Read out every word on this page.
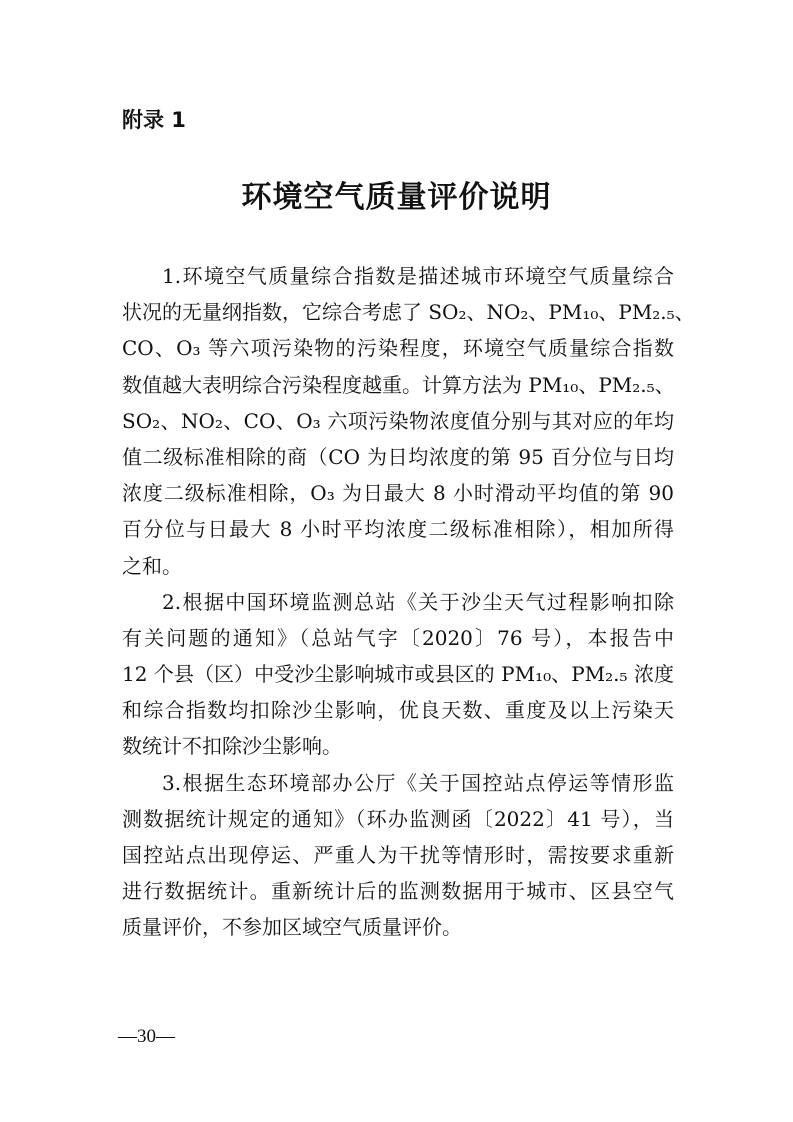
附录 1
环境空气质量评价说明
1.环境空气质量综合指数是描述城市环境空气质量综合
状况的无量纲指数，它综合考虑了 SO₂、NO₂、PM₁₀、PM₂.₅、
CO、O₃ 等六项污染物的污染程度，环境空气质量综合指数
数值越大表明综合污染程度越重。计算方法为 PM₁₀、PM₂.₅、
SO₂、NO₂、CO、O₃ 六项污染物浓度值分别与其对应的年均
值二级标准相除的商（CO 为日均浓度的第 95 百分位与日均
浓度二级标准相除，O₃ 为日最大 8 小时滑动平均值的第 90
百分位与日最大 8 小时平均浓度二级标准相除），相加所得
之和。
2.根据中国环境监测总站《关于沙尘天气过程影响扣除
有关问题的通知》（总站气字〔2020〕76 号），本报告中
12 个县（区）中受沙尘影响城市或县区的 PM₁₀、PM₂.₅ 浓度
和综合指数均扣除沙尘影响，优良天数、重度及以上污染天
数统计不扣除沙尘影响。
3.根据生态环境部办公厅《关于国控站点停运等情形监
测数据统计规定的通知》（环办监测函〔2022〕41 号），当
国控站点出现停运、严重人为干扰等情形时，需按要求重新
进行数据统计。重新统计后的监测数据用于城市、区县空气
质量评价，不参加区域空气质量评价。
—30—
